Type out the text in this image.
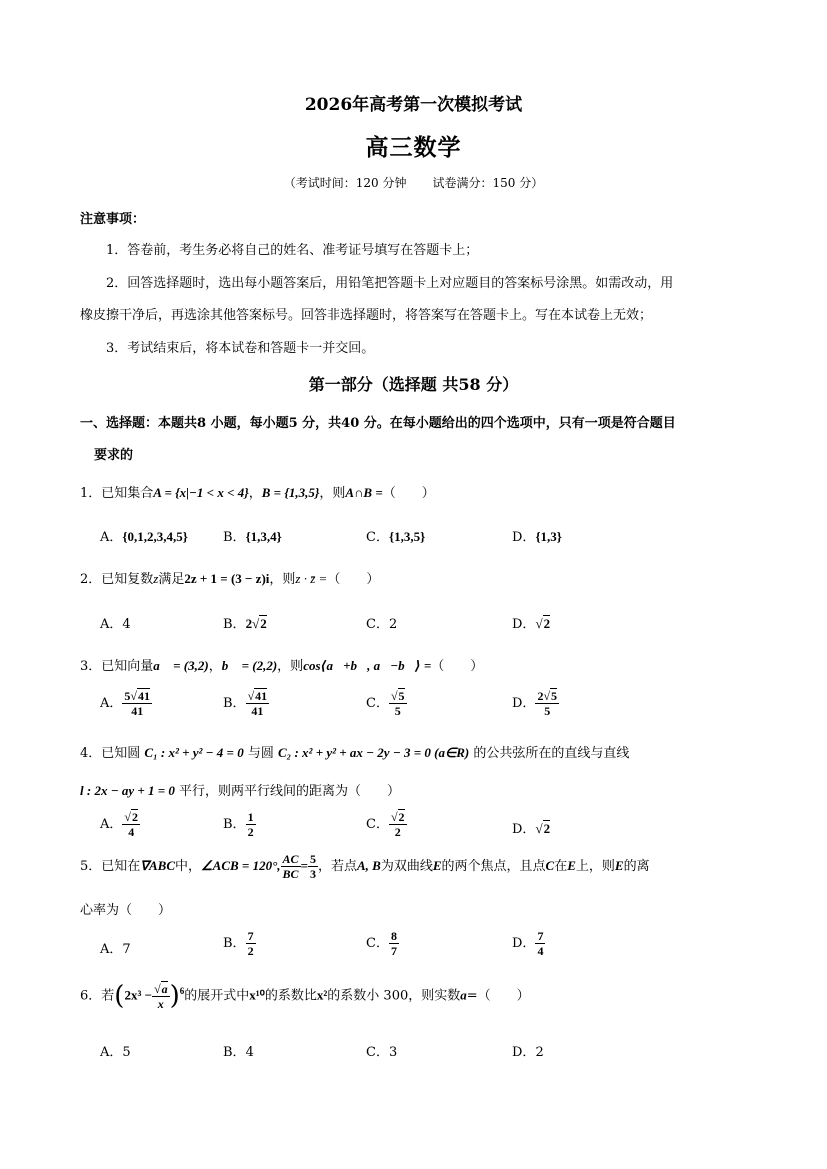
2026年高考第一次模拟考试
高三数学
（考试时间：120 分钟 试卷满分：150 分）
注意事项：
1．答卷前，考生务必将自己的姓名、准考证号填写在答题卡上；
2．回答选择题时，选出每小题答案后，用铅笔把答题卡上对应题目的答案标号涂黑。如需改动，用
橡皮擦干净后，再选涂其他答案标号。回答非选择题时，将答案写在答题卡上。写在本试卷上无效；
3．考试结束后，将本试卷和答题卡一并交回。
第一部分（选择题 共58 分）
一、选择题：本题共8 小题，每小题5 分，共40 分。在每小题给出的四个选项中，只有一项是符合题目
要求的
1．已知集合A = {x|−1 < x < 4}，B = {1,3,5}，则A∩B =（　　）
A．{0,1,2,3,4,5}	B．{1,3,4}	C．{1,3,5}	D．{1,3}
2．已知复数z满足2z + 1 = (3 − z)i，则z · z̄ =（　　）
A．4	B．2√2	C．2	D．√2
3．已知向量a⃗ = (3,2)，b⃗ = (2,2)，则cos⟨a⃗+b⃗, a⃗−b⃗⟩ =（　　）
A． $\frac{5√41}{41}$	B． $\frac{√41}{41}$	C． $\frac{√5}{5}$	D． $\frac{2√5}{5}$
4．已知圆 C₁ : x² + y² − 4 = 0 与圆 C₂ : x² + y² + ax − 2y − 3 = 0 (a∈R) 的公共弦所在的直线与直线
l : 2x − ay + 1 = 0 平行，则两平行线间的距离为（　　）
A． $\frac{√2}{4}$	B． $\frac{1}{2}$	C． $\frac{√2}{2}$	D．√2
5．已知在∇ABC中，∠ACB = 120°, $\frac{AC}{BC} = \frac{5}{3}$ ，若点A, B为双曲线E的两个焦点，且点C在E上，则E的离
心率为（　　）
A．7	B． $\frac{7}{2}$	C． $\frac{8}{7}$	D． $\frac{7}{4}$
6．若$(2x^3 - \frac{√a}{x} )^6$的展开式中x¹⁰的系数比x²的系数小 300，则实数a=（　　）
A．5	B．4	C．3	D．2
